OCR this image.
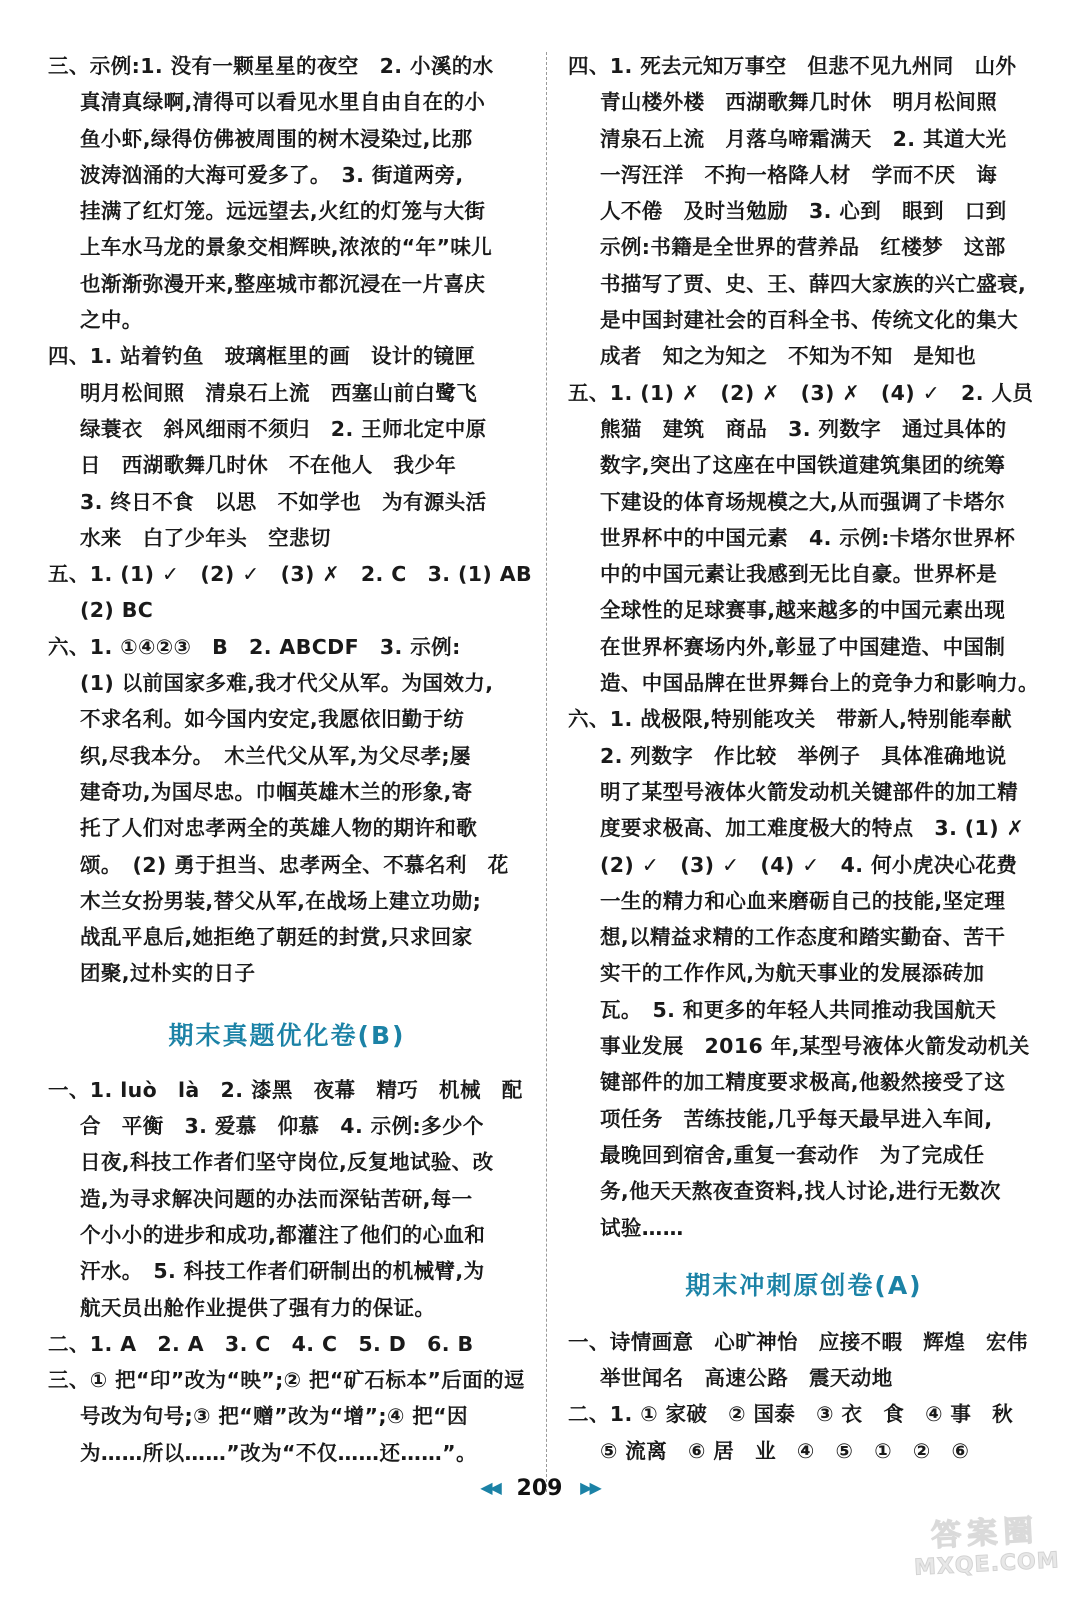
三、示例:1. 没有一颗星星的夜空　2. 小溪的水
真清真绿啊,清得可以看见水里自由自在的小
鱼小虾,绿得仿佛被周围的树木浸染过,比那
波涛汹涌的大海可爱多了。　3. 街道两旁,
挂满了红灯笼。远远望去,火红的灯笼与大街
上车水马龙的景象交相辉映,浓浓的“年”味儿
也渐渐弥漫开来,整座城市都沉浸在一片喜庆
之中。
四、1. 站着钓鱼　玻璃框里的画　设计的镜匣
明月松间照　清泉石上流　西塞山前白鹭飞
绿蓑衣　斜风细雨不须归　2. 王师北定中原
日　西湖歌舞几时休　不在他人　我少年
3. 终日不食　以思　不如学也　为有源头活
水来　白了少年头　空悲切
五、1. (1) ✓　(2) ✓　(3) ✗　2. C　3. (1) AB
(2) BC
六、1. ①④②③　B　2. ABCDF　3. 示例:
(1) 以前国家多难,我才代父从军。为国效力,
不求名利。如今国内安定,我愿依旧勤于纺
织,尽我本分。　木兰代父从军,为父尽孝;屡
建奇功,为国尽忠。巾帼英雄木兰的形象,寄
托了人们对忠孝两全的英雄人物的期许和歌
颂。　(2) 勇于担当、忠孝两全、不慕名利　花
木兰女扮男装,替父从军,在战场上建立功勋;
战乱平息后,她拒绝了朝廷的封赏,只求回家
团聚,过朴实的日子
期末真题优化卷(B)
一、1. luò　là　2. 漆黑　夜幕　精巧　机械　配
合　平衡　3. 爱慕　仰慕　4. 示例:多少个
日夜,科技工作者们坚守岗位,反复地试验、改
造,为寻求解决问题的办法而深钻苦研,每一
个小小的进步和成功,都灌注了他们的心血和
汗水。　5. 科技工作者们研制出的机械臂,为
航天员出舱作业提供了强有力的保证。
二、1. A　2. A　3. C　4. C　5. D　6. B
三、① 把“印”改为“映”;② 把“矿石标本”后面的逗
号改为句号;③ 把“赠”改为“增”;④ 把“因
为……所以……”改为“不仅……还……”。
四、1. 死去元知万事空　但悲不见九州同　山外
青山楼外楼　西湖歌舞几时休　明月松间照
清泉石上流　月落乌啼霜满天　2. 其道大光
一泻汪洋　不拘一格降人材　学而不厌　诲
人不倦　及时当勉励　3. 心到　眼到　口到
示例:书籍是全世界的营养品　红楼梦　这部
书描写了贾、史、王、薛四大家族的兴亡盛衰,
是中国封建社会的百科全书、传统文化的集大
成者　知之为知之　不知为不知　是知也
五、1. (1) ✗　(2) ✗　(3) ✗　(4) ✓　2. 人员
熊猫　建筑　商品　3. 列数字　通过具体的
数字,突出了这座在中国铁道建筑集团的统筹
下建设的体育场规模之大,从而强调了卡塔尔
世界杯中的中国元素　4. 示例:卡塔尔世界杯
中的中国元素让我感到无比自豪。世界杯是
全球性的足球赛事,越来越多的中国元素出现
在世界杯赛场内外,彰显了中国建造、中国制
造、中国品牌在世界舞台上的竞争力和影响力。
六、1. 战极限,特别能攻关　带新人,特别能奉献
2. 列数字　作比较　举例子　具体准确地说
明了某型号液体火箭发动机关键部件的加工精
度要求极高、加工难度极大的特点　3. (1) ✗
(2) ✓　(3) ✓　(4) ✓　4. 何小虎决心花费
一生的精力和心血来磨砺自己的技能,坚定理
想,以精益求精的工作态度和踏实勤奋、苦干
实干的工作作风,为航天事业的发展添砖加
瓦。　5. 和更多的年轻人共同推动我国航天
事业发展　2016 年,某型号液体火箭发动机关
键部件的加工精度要求极高,他毅然接受了这
项任务　苦练技能,几乎每天最早进入车间,
最晚回到宿舍,重复一套动作　为了完成任
务,他天天熬夜查资料,找人讨论,进行无数次
试验……
期末冲刺原创卷(A)
一、诗情画意　心旷神怡　应接不暇　辉煌　宏伟
举世闻名　高速公路　震天动地
二、1. ① 家破　② 国泰　③ 衣　食　④ 事　秋
⑤ 流离　⑥ 居　业　④　⑤　①　②　⑥
◀◀ 209 ▶▶
答案圈
MXQE.COM
